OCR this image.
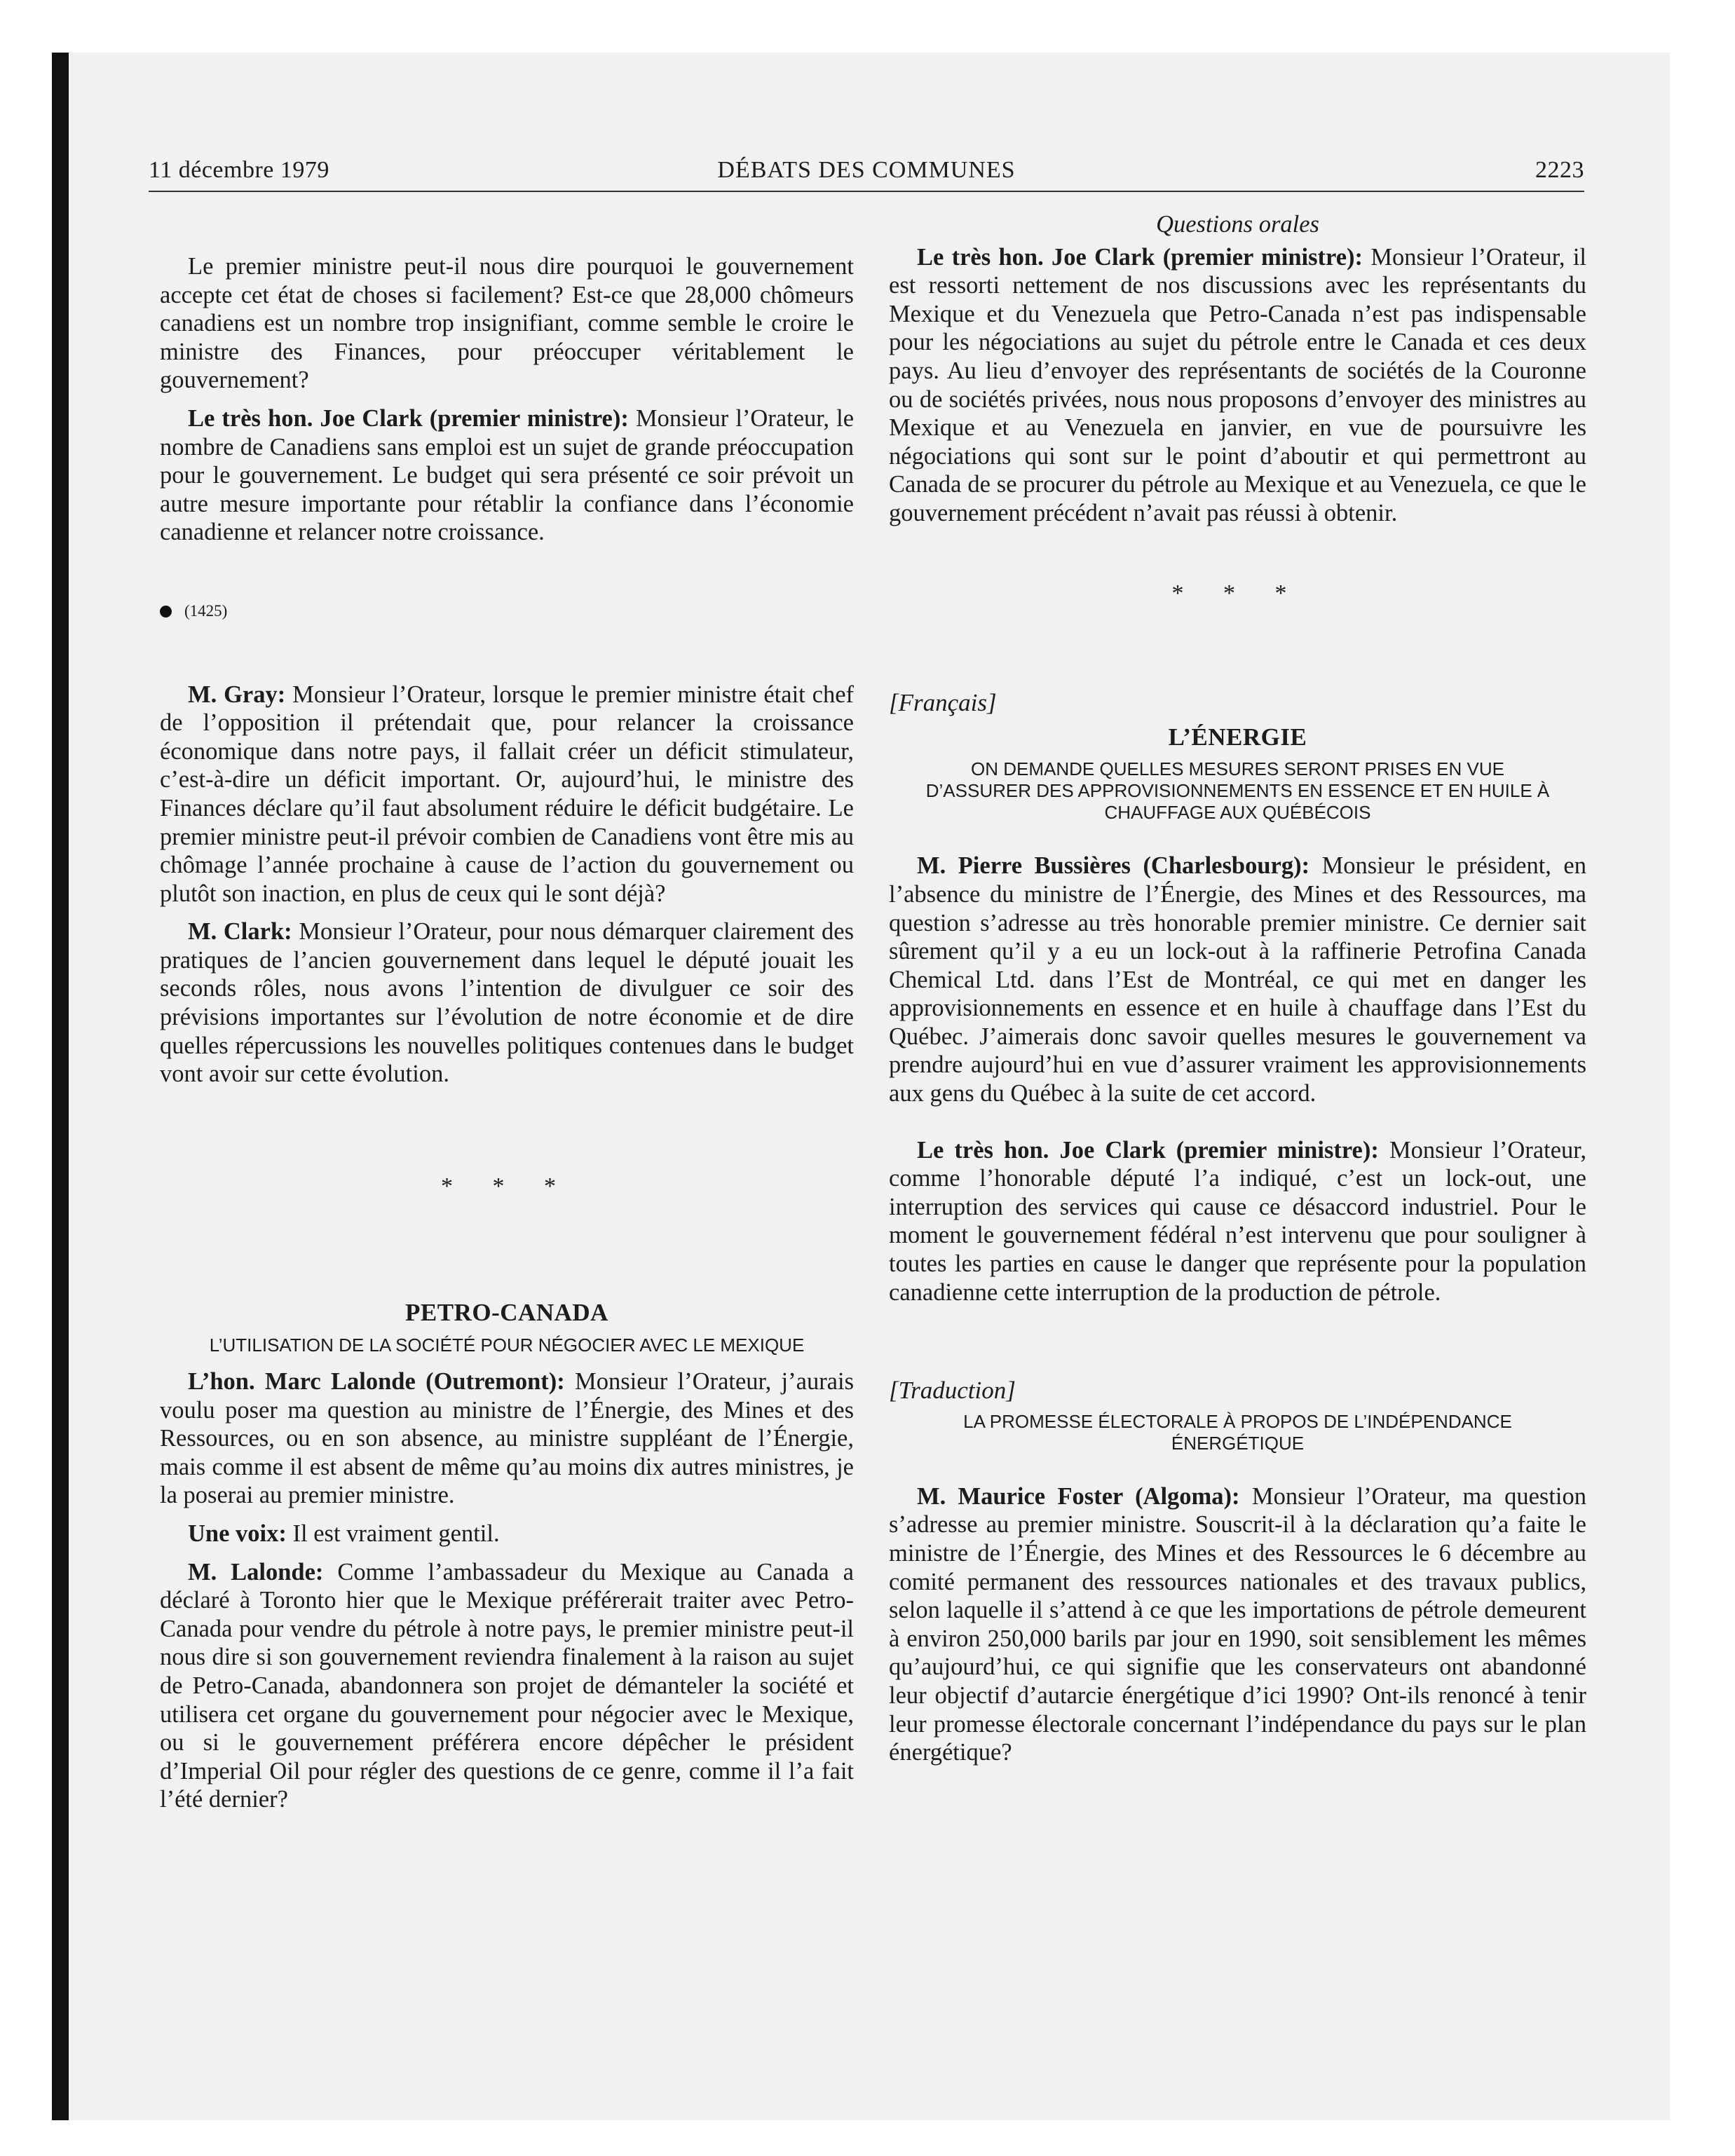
11 décembre 1979	DÉBATS DES COMMUNES	2223

Le premier ministre peut-il nous dire pourquoi le gouvernement accepte cet état de choses si facilement? Est-ce que 28,000 chômeurs canadiens est un nombre trop insignifiant, comme semble le croire le ministre des Finances, pour préoccuper véritablement le gouvernement?

Le très hon. Joe Clark (premier ministre): Monsieur l’Orateur, le nombre de Canadiens sans emploi est un sujet de grande préoccupation pour le gouvernement. Le budget qui sera présenté ce soir prévoit un autre mesure importante pour rétablir la confiance dans l’économie canadienne et relancer notre croissance.

(1425)

M. Gray: Monsieur l’Orateur, lorsque le premier ministre était chef de l’opposition il prétendait que, pour relancer la croissance économique dans notre pays, il fallait créer un déficit stimulateur, c’est-à-dire un déficit important. Or, aujourd’hui, le ministre des Finances déclare qu’il faut absolument réduire le déficit budgétaire. Le premier ministre peut-il prévoir combien de Canadiens vont être mis au chômage l’année prochaine à cause de l’action du gouvernement ou plutôt son inaction, en plus de ceux qui le sont déjà?

M. Clark: Monsieur l’Orateur, pour nous démarquer clairement des pratiques de l’ancien gouvernement dans lequel le député jouait les seconds rôles, nous avons l’intention de divulguer ce soir des prévisions importantes sur l’évolution de notre économie et de dire quelles répercussions les nouvelles politiques contenues dans le budget vont avoir sur cette évolution.

* * *
PETRO-CANADA
L’UTILISATION DE LA SOCIÉTÉ POUR NÉGOCIER AVEC LE MEXIQUE

L’hon. Marc Lalonde (Outremont): Monsieur l’Orateur, j’aurais voulu poser ma question au ministre de l’Énergie, des Mines et des Ressources, ou en son absence, au ministre suppléant de l’Énergie, mais comme il est absent de même qu’au moins dix autres ministres, je la poserai au premier ministre.

Une voix: Il est vraiment gentil.

M. Lalonde: Comme l’ambassadeur du Mexique au Canada a déclaré à Toronto hier que le Mexique préférerait traiter avec Petro-Canada pour vendre du pétrole à notre pays, le premier ministre peut-il nous dire si son gouvernement reviendra finalement à la raison au sujet de Petro-Canada, abandonnera son projet de démanteler la société et utilisera cet organe du gouvernement pour négocier avec le Mexique, ou si le gouvernement préférera encore dépêcher le président d’Imperial Oil pour régler des questions de ce genre, comme il l’a fait l’été dernier?

Questions orales

Le très hon. Joe Clark (premier ministre): Monsieur l’Orateur, il est ressorti nettement de nos discussions avec les représentants du Mexique et du Venezuela que Petro-Canada n’est pas indispensable pour les négociations au sujet du pétrole entre le Canada et ces deux pays. Au lieu d’envoyer des représentants de sociétés de la Couronne ou de sociétés privées, nous nous proposons d’envoyer des ministres au Mexique et au Venezuela en janvier, en vue de poursuivre les négociations qui sont sur le point d’aboutir et qui permettront au Canada de se procurer du pétrole au Mexique et au Venezuela, ce que le gouvernement précédent n’avait pas réussi à obtenir.

* * *
[Français]
L’ÉNERGIE
ON DEMANDE QUELLES MESURES SERONT PRISES EN VUE D’ASSURER DES APPROVISIONNEMENTS EN ESSENCE ET EN HUILE À CHAUFFAGE AUX QUÉBÉCOIS

M. Pierre Bussières (Charlesbourg): Monsieur le président, en l’absence du ministre de l’Énergie, des Mines et des Ressources, ma question s’adresse au très honorable premier ministre. Ce dernier sait sûrement qu’il y a eu un lock-out à la raffinerie Petrofina Canada Chemical Ltd. dans l’Est de Montréal, ce qui met en danger les approvisionnements en essence et en huile à chauffage dans l’Est du Québec. J’aimerais donc savoir quelles mesures le gouvernement va prendre aujourd’hui en vue d’assurer vraiment les approvisionnements aux gens du Québec à la suite de cet accord.

Le très hon. Joe Clark (premier ministre): Monsieur l’Orateur, comme l’honorable député l’a indiqué, c’est un lock-out, une interruption des services qui cause ce désaccord industriel. Pour le moment le gouvernement fédéral n’est intervenu que pour souligner à toutes les parties en cause le danger que représente pour la population canadienne cette interruption de la production de pétrole.

[Traduction]
LA PROMESSE ÉLECTORALE À PROPOS DE L’INDÉPENDANCE ÉNERGÉTIQUE

M. Maurice Foster (Algoma): Monsieur l’Orateur, ma question s’adresse au premier ministre. Souscrit-il à la déclaration qu’a faite le ministre de l’Énergie, des Mines et des Ressources le 6 décembre au comité permanent des ressources nationales et des travaux publics, selon laquelle il s’attend à ce que les importations de pétrole demeurent à environ 250,000 barils par jour en 1990, soit sensiblement les mêmes qu’aujourd’hui, ce qui signifie que les conservateurs ont abandonné leur objectif d’autarcie énergétique d’ici 1990? Ont-ils renoncé à tenir leur promesse électorale concernant l’indépendance du pays sur le plan énergétique?
